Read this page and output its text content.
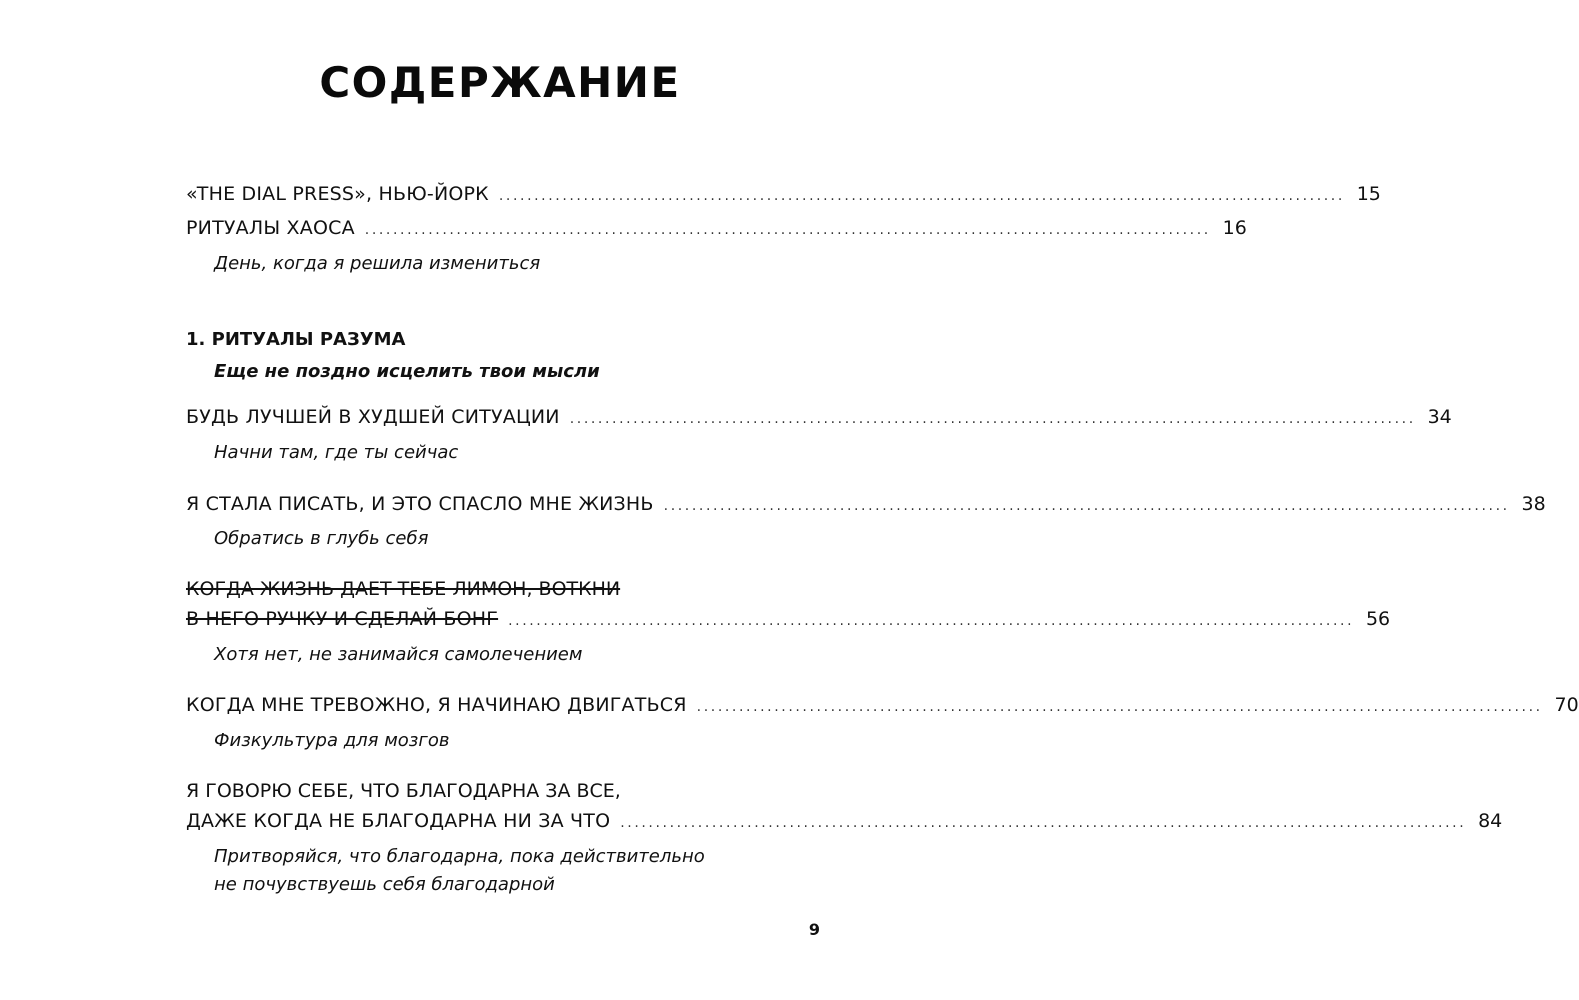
СОДЕРЖАНИЕ
«THE DIAL PRESS», НЬЮ-ЙОРК ........................................................................................................................ 15
РИТУАЛЫ ХАОСА ........................................................................................................................ 16
День, когда я решила измениться
1. РИТУАЛЫ РАЗУМА
Еще не поздно исцелить твои мысли
БУДЬ ЛУЧШЕЙ В ХУДШЕЙ СИТУАЦИИ ........................................................................................................................ 34
Начни там, где ты сейчас
Я СТАЛА ПИСАТЬ, И ЭТО СПАСЛО МНЕ ЖИЗНЬ ........................................................................................................................ 38
Обратись в глубь себя
КОГДА ЖИЗНЬ ДАЕТ ТЕБЕ ЛИМОН, ВОТКНИ
В НЕГО РУЧКУ И СДЕЛАЙ БОНГ ........................................................................................................................ 56
Хотя нет, не занимайся самолечением
КОГДА МНЕ ТРЕВОЖНО, Я НАЧИНАЮ ДВИГАТЬСЯ ........................................................................................................................ 70
Физкультура для мозгов
Я ГОВОРЮ СЕБЕ, ЧТО БЛАГОДАРНА ЗА ВСЕ,
ДАЖЕ КОГДА НЕ БЛАГОДАРНА НИ ЗА ЧТО ........................................................................................................................ 84
Притворяйся, что благодарна, пока действительно
не почувствуешь себя благодарной
9
